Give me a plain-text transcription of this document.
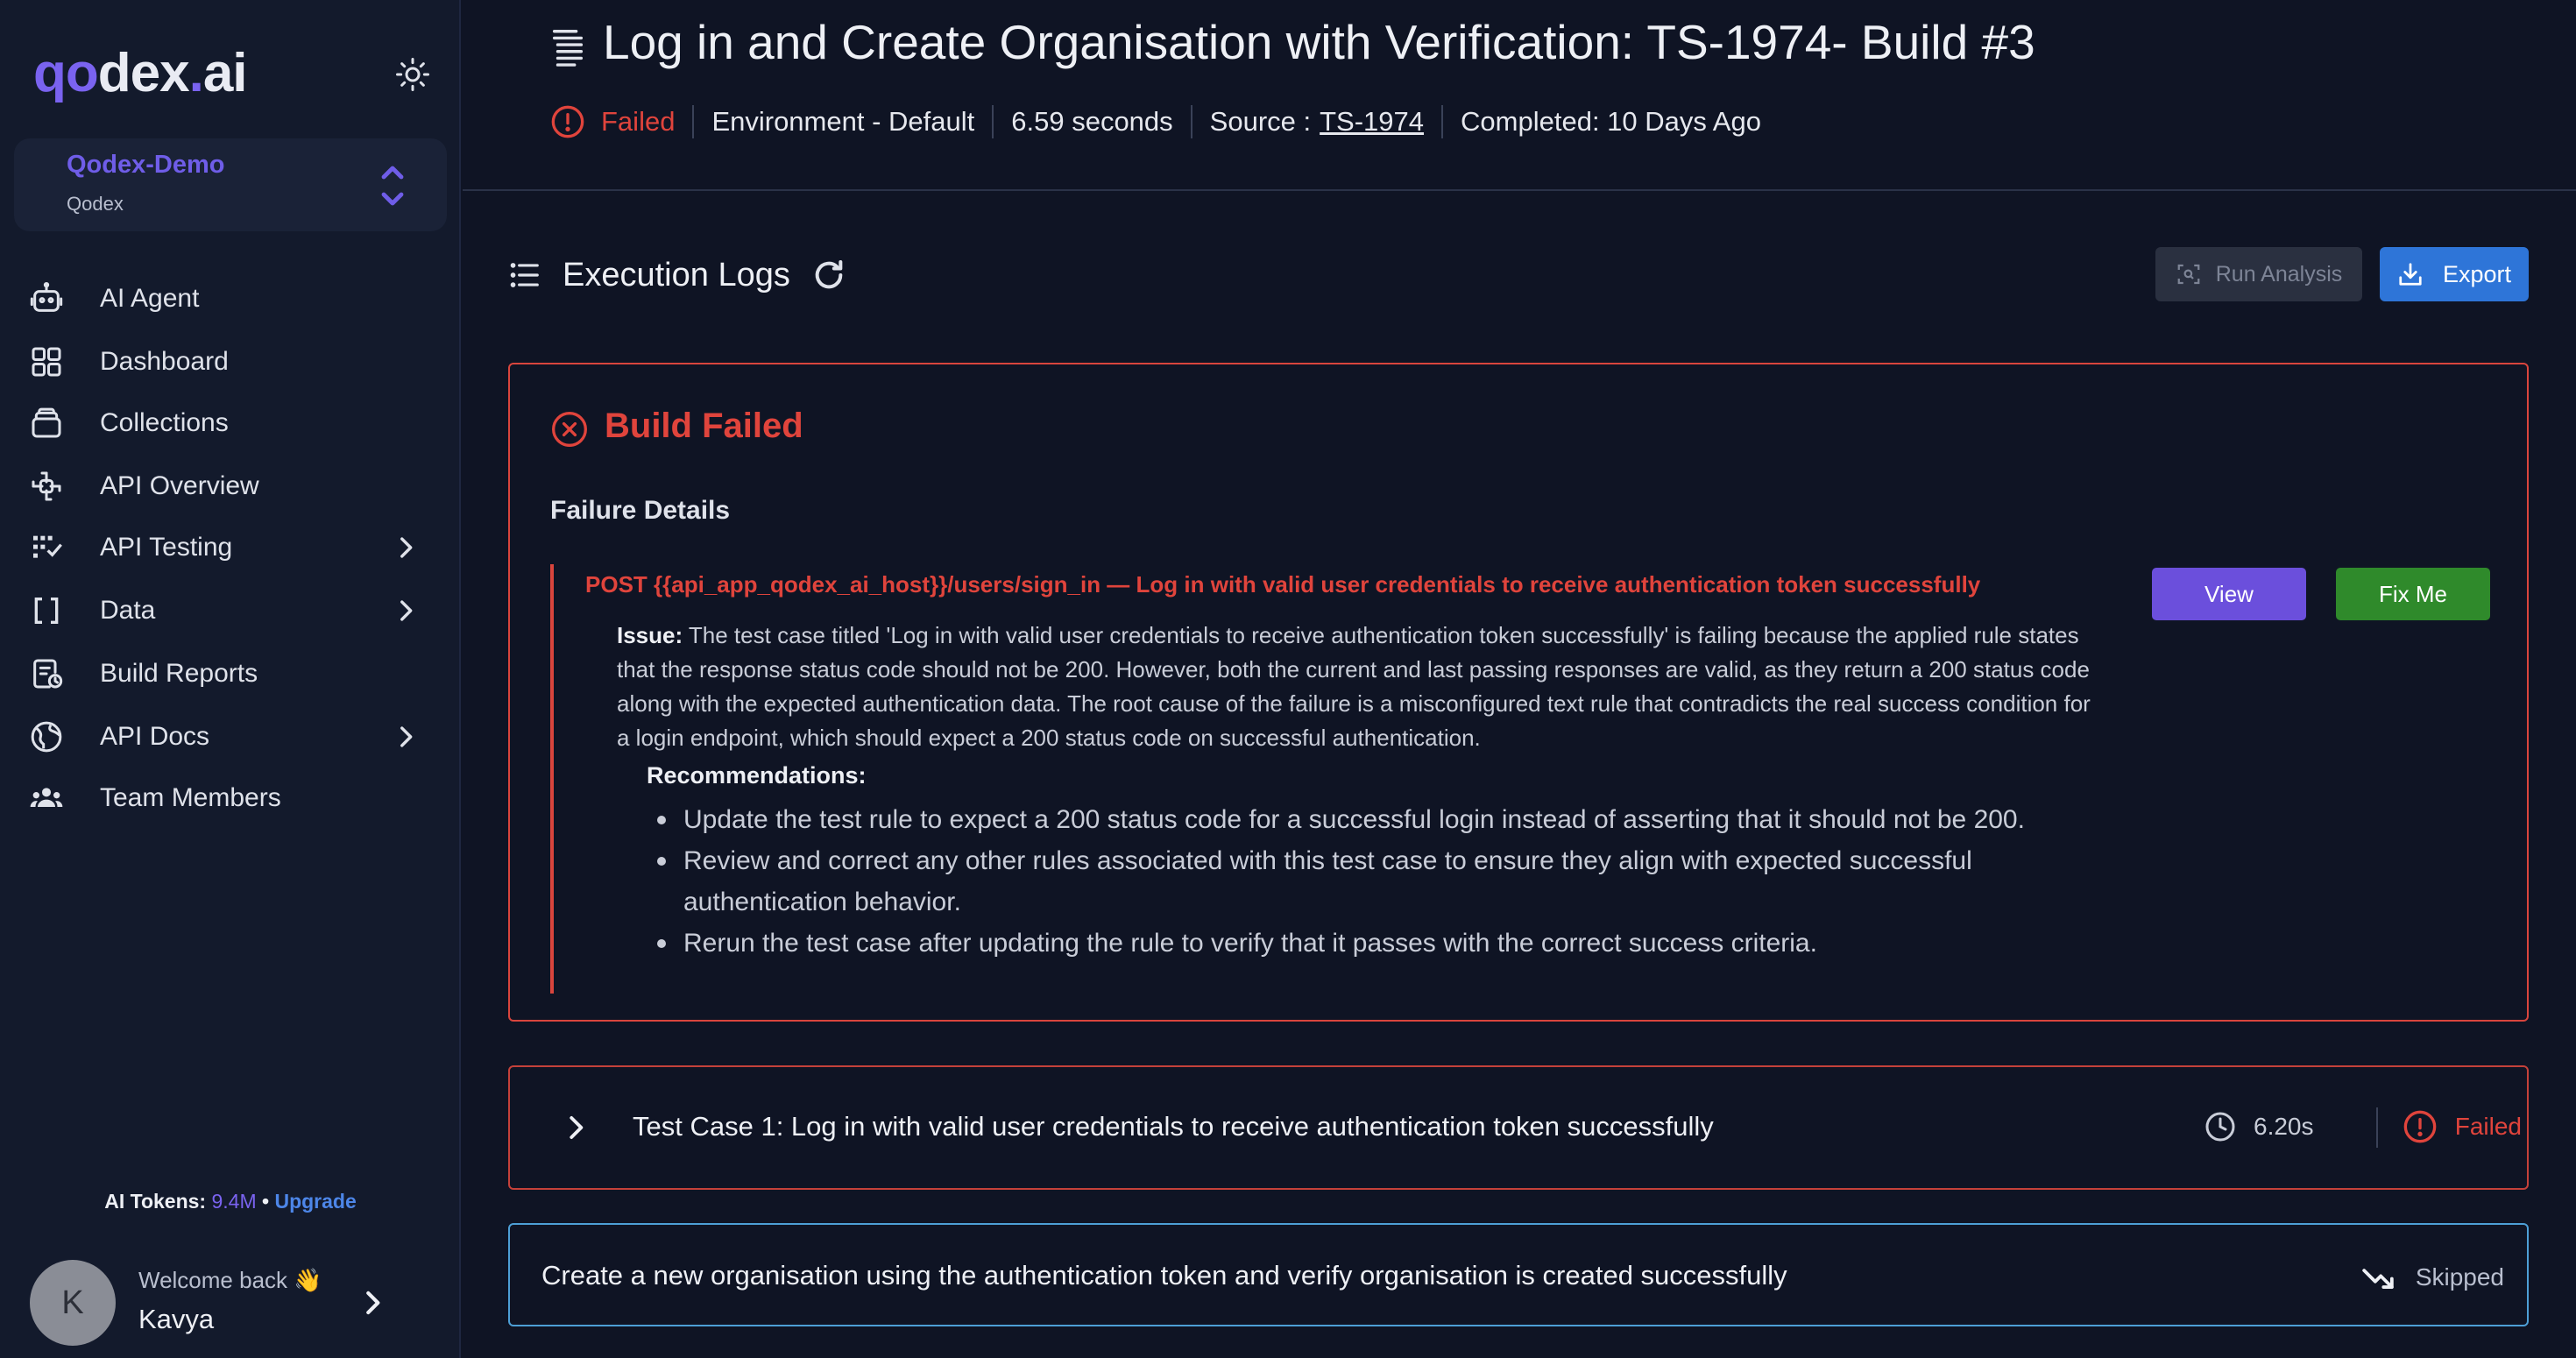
qodex.ai
Qodex-Demo
Qodex
AI Agent
Dashboard
Collections
API Overview
API Testing
Data
Build Reports
API Docs
Team Members
AI Tokens: 9.4M • Upgrade
K
Welcome back 👋
Kavya
Log in and Create Organisation with Verification: TS-1974- Build #3
Failed Environment - Default 6.59 seconds Source : TS-1974 Completed: 10 Days Ago
Execution Logs	Run Analysis	Export
Build Failed
Failure Details
POST {{api_app_qodex_ai_host}}/users/sign_in — Log in with valid user credentials to receive authentication token successfully
Issue: The test case titled 'Log in with valid user credentials to receive authentication token successfully' is failing because the applied rule states that the response status code should not be 200. However, both the current and last passing responses are valid, as they return a 200 status code along with the expected authentication data. The root cause of the failure is a misconfigured text rule that contradicts the real success condition for a login endpoint, which should expect a 200 status code on successful authentication.
Recommendations:
Update the test rule to expect a 200 status code for a successful login instead of asserting that it should not be 200.
Review and correct any other rules associated with this test case to ensure they align with expected successful authentication behavior.
Rerun the test case after updating the rule to verify that it passes with the correct success criteria.
View	Fix Me
Test Case 1: Log in with valid user credentials to receive authentication token successfully	6.20s	Failed
Create a new organisation using the authentication token and verify organisation is created successfully	Skipped
